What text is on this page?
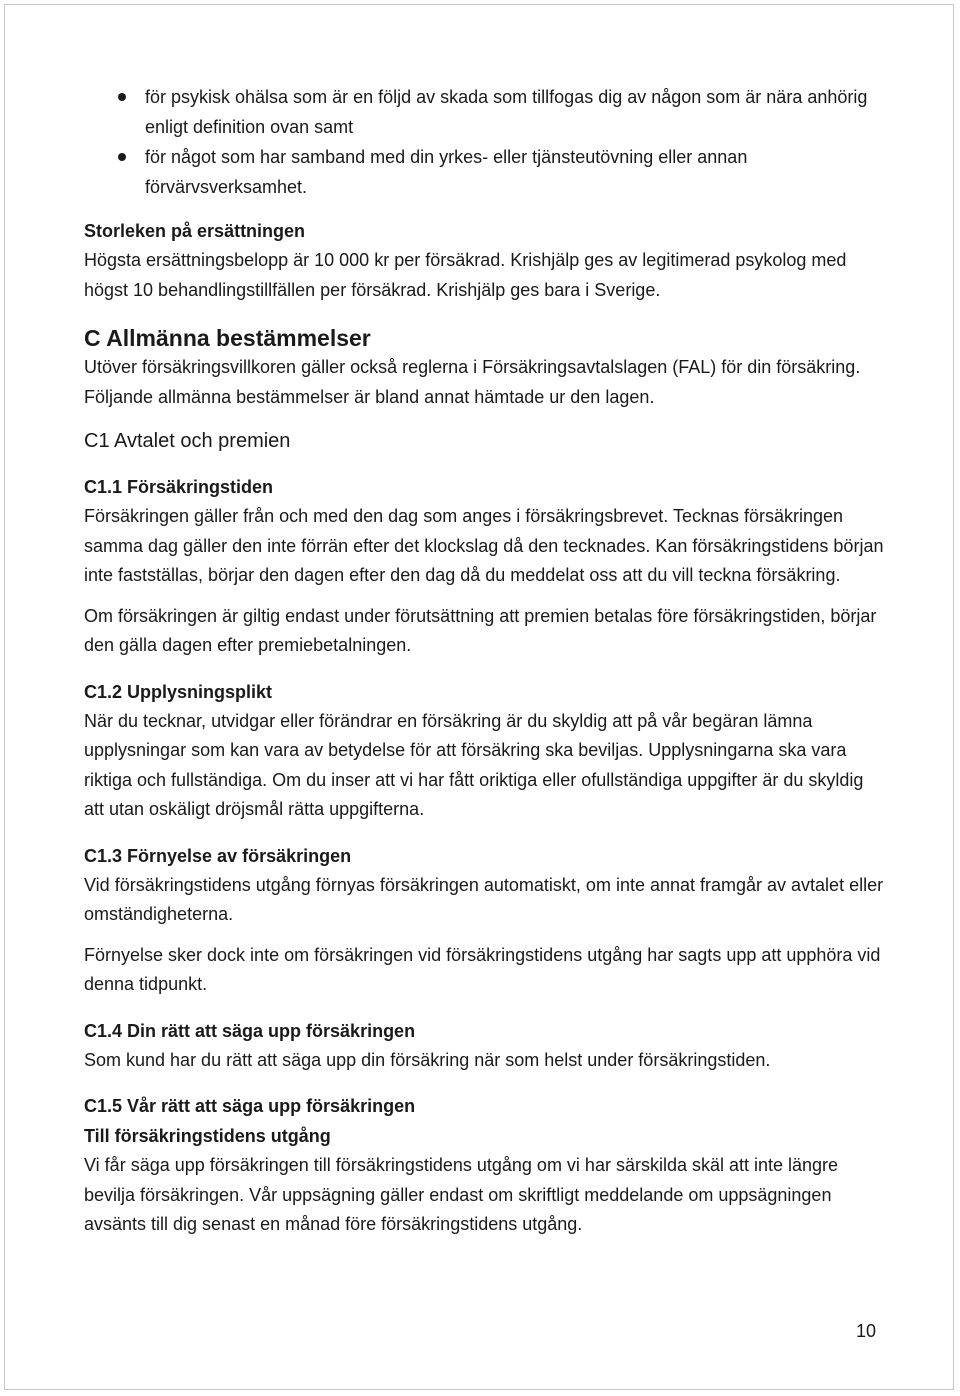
för psykisk ohälsa som är en följd av skada som tillfogas dig av någon som är nära anhörig enligt definition ovan samt
för något som har samband med din yrkes- eller tjänsteutövning eller annan förvärvsverksamhet.
Storleken på ersättningen

Högsta ersättningsbelopp är 10 000 kr per försäkrad. Krishjälp ges av legitimerad psykolog med högst 10 behandlingstillfällen per försäkrad. Krishjälp ges bara i Sverige.

C Allmänna bestämmelser

Utöver försäkringsvillkoren gäller också reglerna i Försäkringsavtalslagen (FAL) för din försäkring. Följande allmänna bestämmelser är bland annat hämtade ur den lagen.

C1 Avtalet och premien
C1.1 Försäkringstiden

Försäkringen gäller från och med den dag som anges i försäkringsbrevet. Tecknas försäkringen samma dag gäller den inte förrän efter det klockslag då den tecknades. Kan försäkringstidens början inte fastställas, börjar den dagen efter den dag då du meddelat oss att du vill teckna försäkring.

Om försäkringen är giltig endast under förutsättning att premien betalas före försäkringstiden, börjar den gälla dagen efter premiebetalningen.

C1.2 Upplysningsplikt

När du tecknar, utvidgar eller förändrar en försäkring är du skyldig att på vår begäran lämna upplysningar som kan vara av betydelse för att försäkring ska beviljas. Upplysningarna ska vara riktiga och fullständiga. Om du inser att vi har fått oriktiga eller ofullständiga uppgifter är du skyldig att utan oskäligt dröjsmål rätta uppgifterna.

C1.3 Förnyelse av försäkringen

Vid försäkringstidens utgång förnyas försäkringen automatiskt, om inte annat framgår av avtalet eller omständigheterna.

Förnyelse sker dock inte om försäkringen vid försäkringstidens utgång har sagts upp att upphöra vid denna tidpunkt.

C1.4 Din rätt att säga upp försäkringen

Som kund har du rätt att säga upp din försäkring när som helst under försäkringstiden.

C1.5 Vår rätt att säga upp försäkringen
Till försäkringstidens utgång

Vi får säga upp försäkringen till försäkringstidens utgång om vi har särskilda skäl att inte längre bevilja försäkringen. Vår uppsägning gäller endast om skriftligt meddelande om uppsägningen avsänts till dig senast en månad före försäkringstidens utgång.

10
